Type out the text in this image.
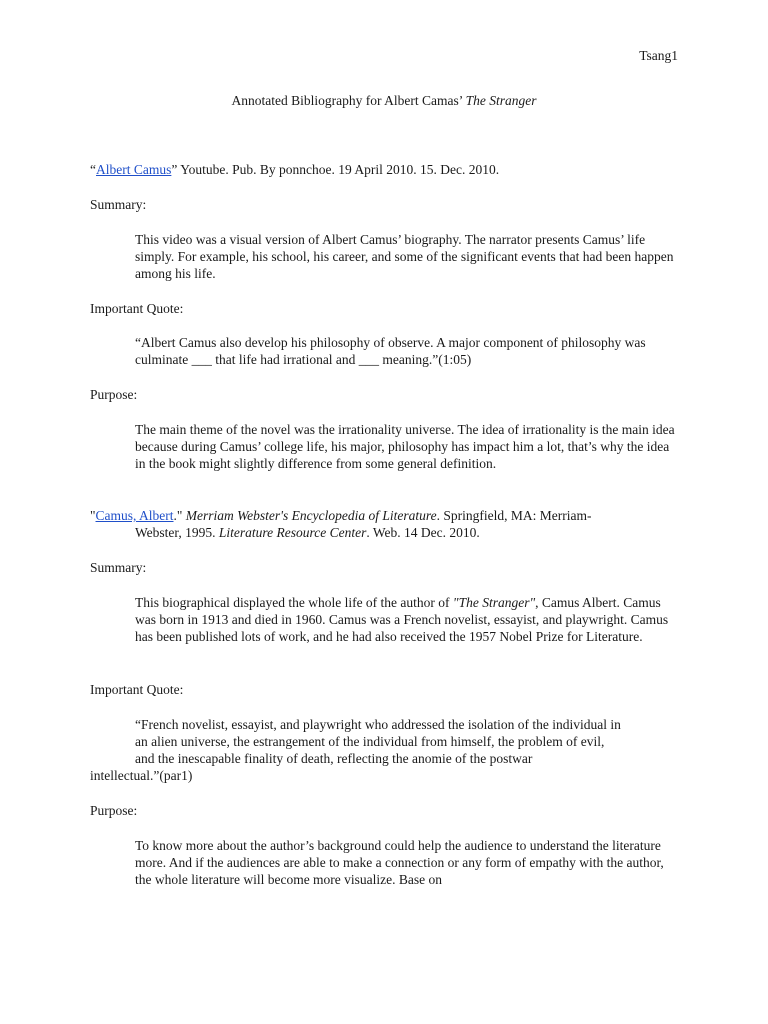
Tsang1
Annotated Bibliography for Albert Camas’ The Stranger
“Albert Camus” Youtube. Pub. By ponnchoe. 19 April 2010. 15. Dec. 2010.
Summary:
This video was a visual version of Albert Camus’ biography. The narrator presents Camus’ life simply. For example, his school, his career, and some of the significant events that had been happen among his life.
Important Quote:
“Albert Camus also develop his philosophy of observe. A major component of philosophy was culminate ___ that life had irrational and ___ meaning.”(1:05)
Purpose:
The main theme of the novel was the irrationality universe. The idea of irrationality is the main idea because during Camus’ college life, his major, philosophy has impact him a lot, that’s why the idea in the book might slightly difference from some general definition.
"Camus, Albert." Merriam Webster's Encyclopedia of Literature. Springfield, MA: Merriam-
Webster, 1995. Literature Resource Center. Web. 14 Dec. 2010.
Summary:
This biographical displayed the whole life of the author of "The Stranger", Camus Albert. Camus was born in 1913 and died in 1960. Camus was a French novelist, essayist, and playwright. Camus has been published lots of work, and he had also received the 1957 Nobel Prize for Literature.
Important Quote:
“French novelist, essayist, and playwright who addressed the isolation of the individual in
an alien universe, the estrangement of the individual from himself, the problem of evil,
and the inescapable finality of death, reflecting the anomie of the postwar
intellectual.”(par1)
Purpose:
To know more about the author’s background could help the audience to understand the literature more. And if the audiences are able to make a connection or any form of empathy with the author, the whole literature will become more visualize. Base on
